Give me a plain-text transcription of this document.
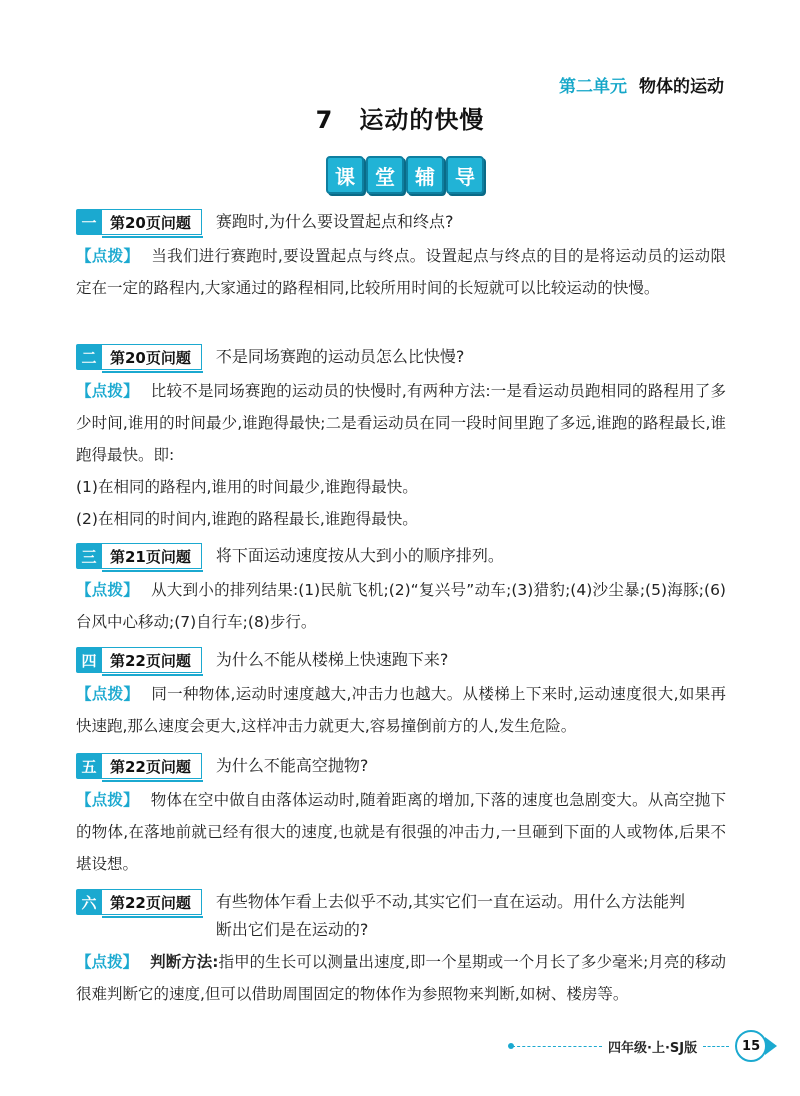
第二单元 物体的运动
7 运动的快慢
课	堂	辅	导
一 第20页问题	赛跑时,为什么要设置起点和终点?
【点拨】 当我们进行赛跑时,要设置起点与终点。设置起点与终点的目的是将运动员的运动限定在一定的路程内,大家通过的路程相同,比较所用时间的长短就可以比较运动的快慢。
二 第20页问题	不是同场赛跑的运动员怎么比快慢?
【点拨】 比较不是同场赛跑的运动员的快慢时,有两种方法:一是看运动员跑相同的路程用了多少时间,谁用的时间最少,谁跑得最快;二是看运动员在同一段时间里跑了多远,谁跑的路程最长,谁跑得最快。即:
(1)在相同的路程内,谁用的时间最少,谁跑得最快。
(2)在相同的时间内,谁跑的路程最长,谁跑得最快。
三 第21页问题	将下面运动速度按从大到小的顺序排列。
【点拨】 从大到小的排列结果:(1)民航飞机;(2)“复兴号”动车;(3)猎豹;(4)沙尘暴;(5)海豚;(6)台风中心移动;(7)自行车;(8)步行。
四 第22页问题	为什么不能从楼梯上快速跑下来?
【点拨】 同一种物体,运动时速度越大,冲击力也越大。从楼梯上下来时,运动速度很大,如果再快速跑,那么速度会更大,这样冲击力就更大,容易撞倒前方的人,发生危险。
五 第22页问题	为什么不能高空抛物?
【点拨】 物体在空中做自由落体运动时,随着距离的增加,下落的速度也急剧变大。从高空抛下的物体,在落地前就已经有很大的速度,也就是有很强的冲击力,一旦砸到下面的人或物体,后果不堪设想。
六 第22页问题	有些物体乍看上去似乎不动,其实它们一直在运动。用什么方法能判断出它们是在运动的?
【点拨】 判断方法:指甲的生长可以测量出速度,即一个星期或一个月长了多少毫米;月亮的移动很难判断它的速度,但可以借助周围固定的物体作为参照物来判断,如树、楼房等。
四年级·上·SJ版	15
